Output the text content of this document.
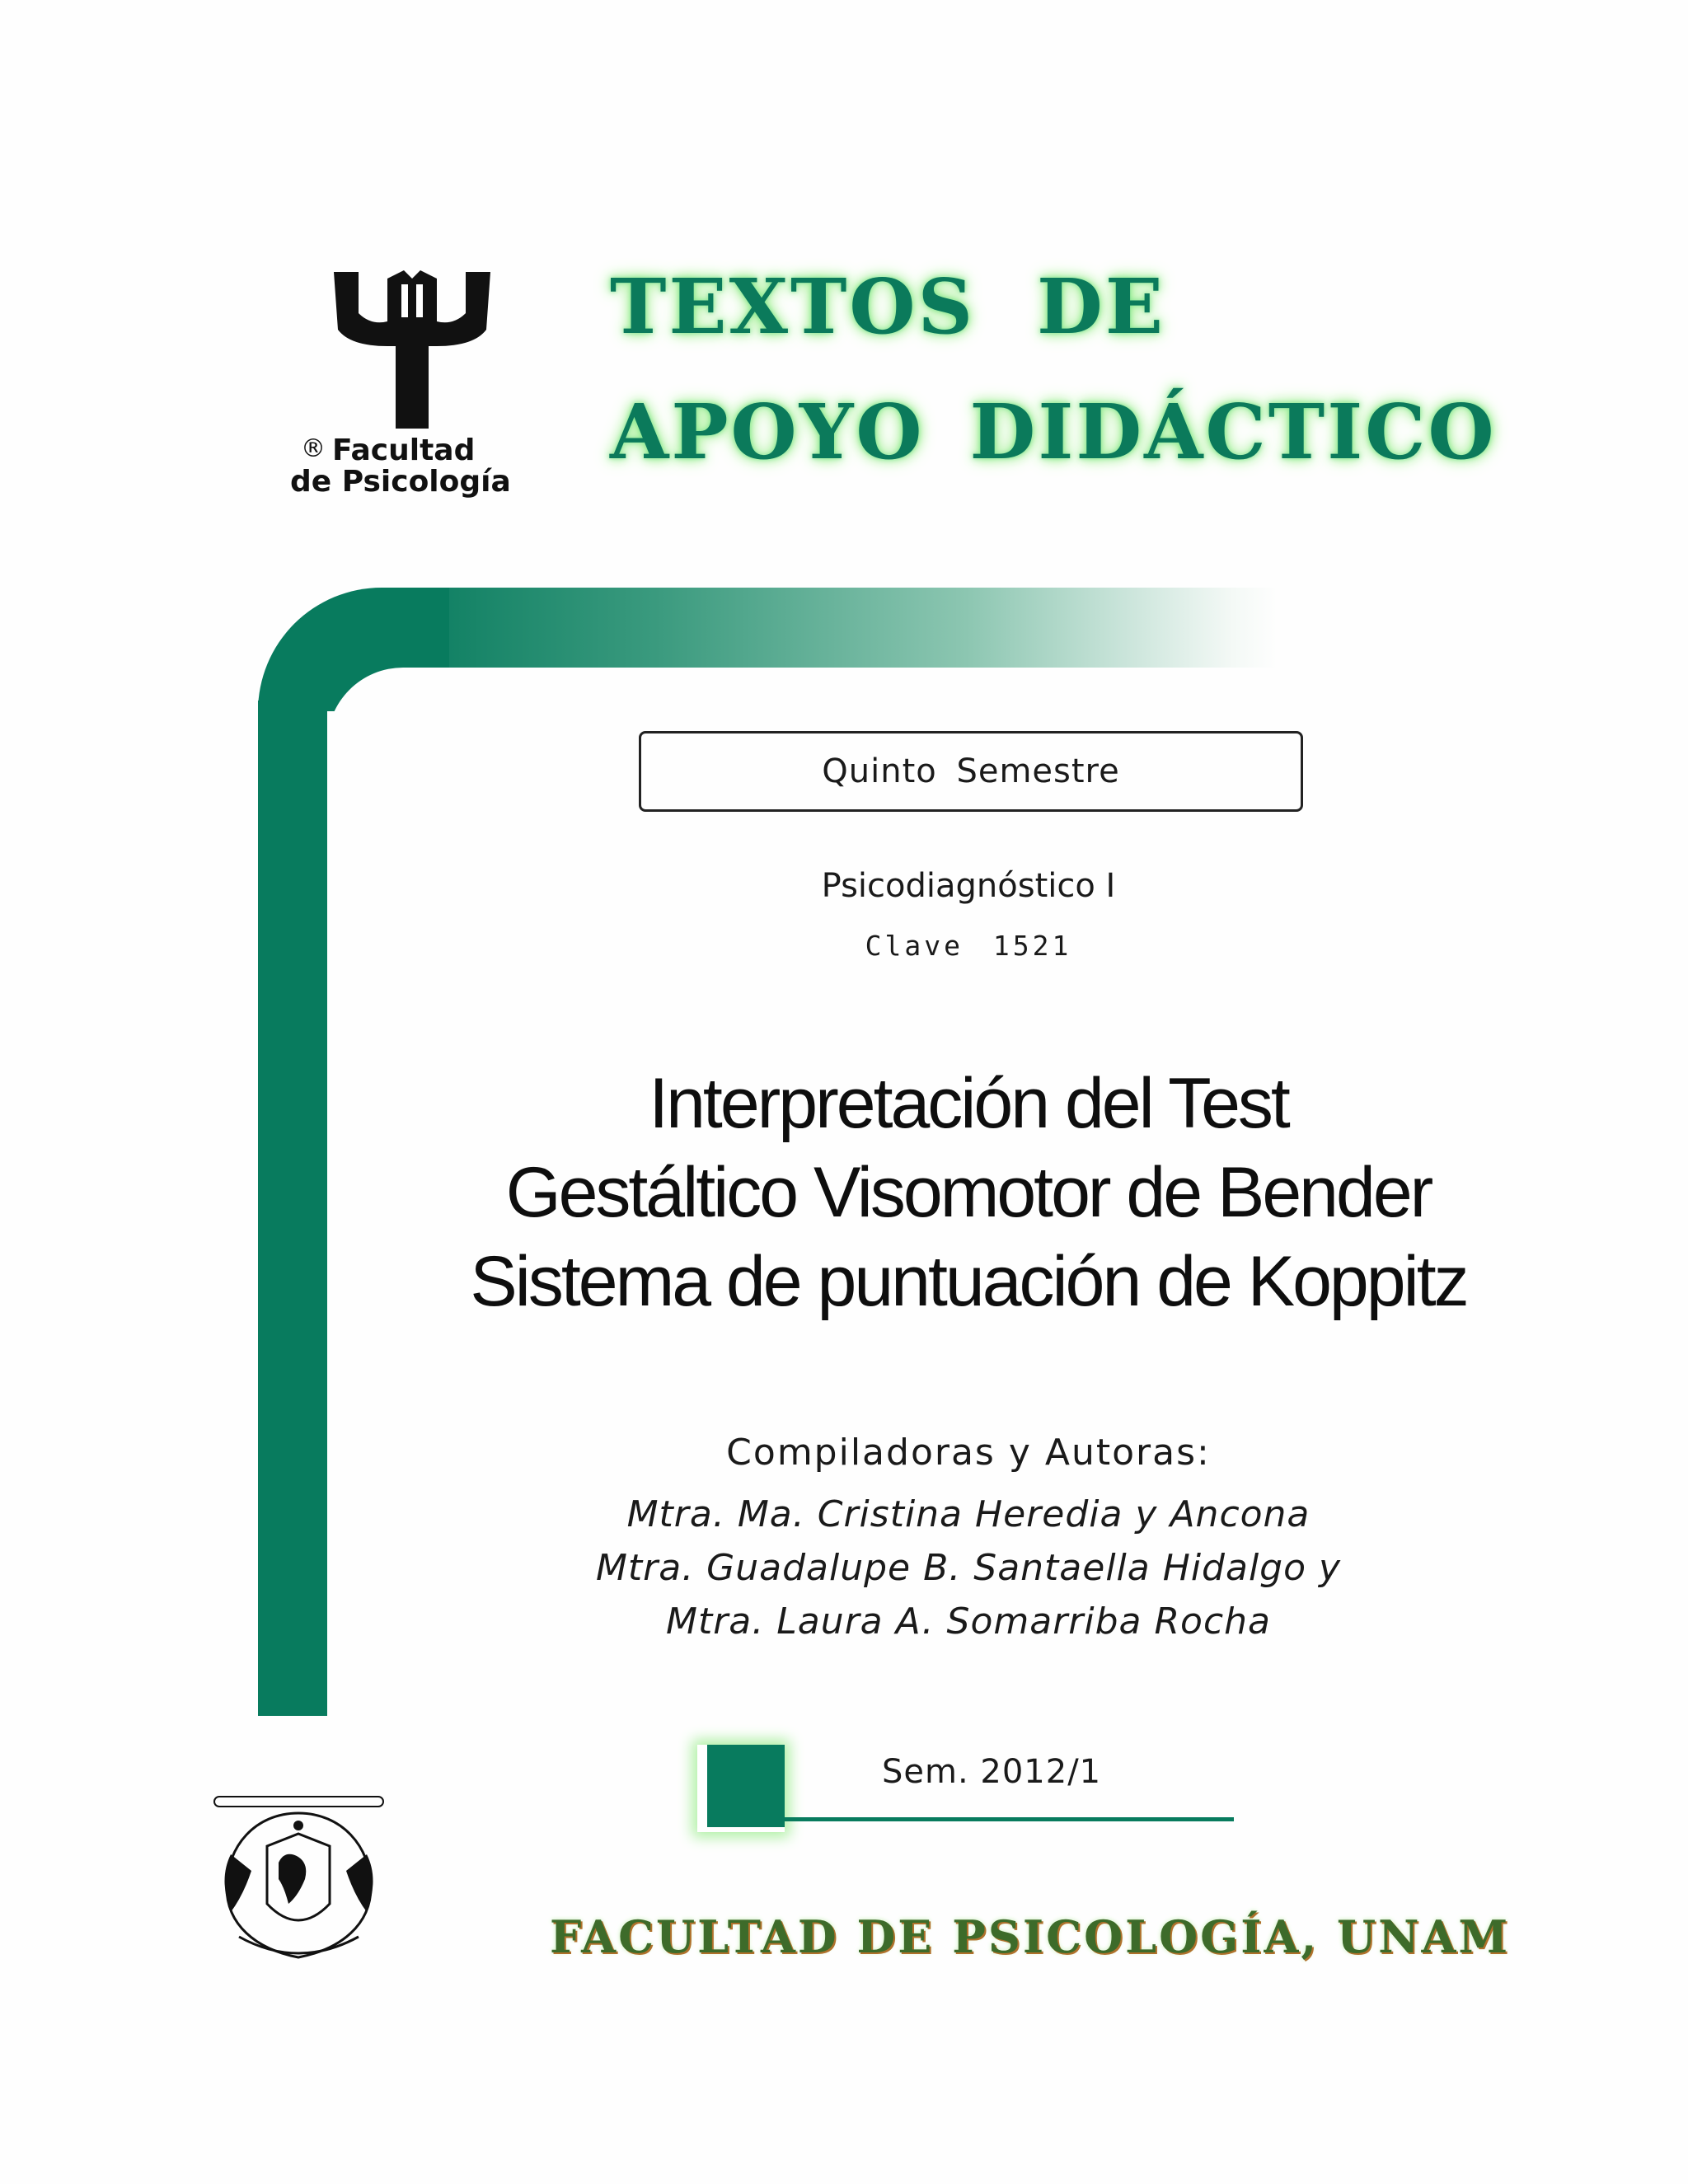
® Facultad
de Psicología
TEXTOS DE
APOYO DIDÁCTICO
Quinto Semestre
Psicodiagnóstico I
Clave 1521
Interpretación del Test
Gestáltico Visomotor de Bender
Sistema de puntuación de Koppitz
Compiladoras y Autoras:
Mtra. Ma. Cristina Heredia y Ancona
Mtra. Guadalupe B. Santaella Hidalgo y
Mtra. Laura A. Somarriba Rocha
Sem. 2012/1
FACULTAD DE PSICOLOGÍA, UNAM
